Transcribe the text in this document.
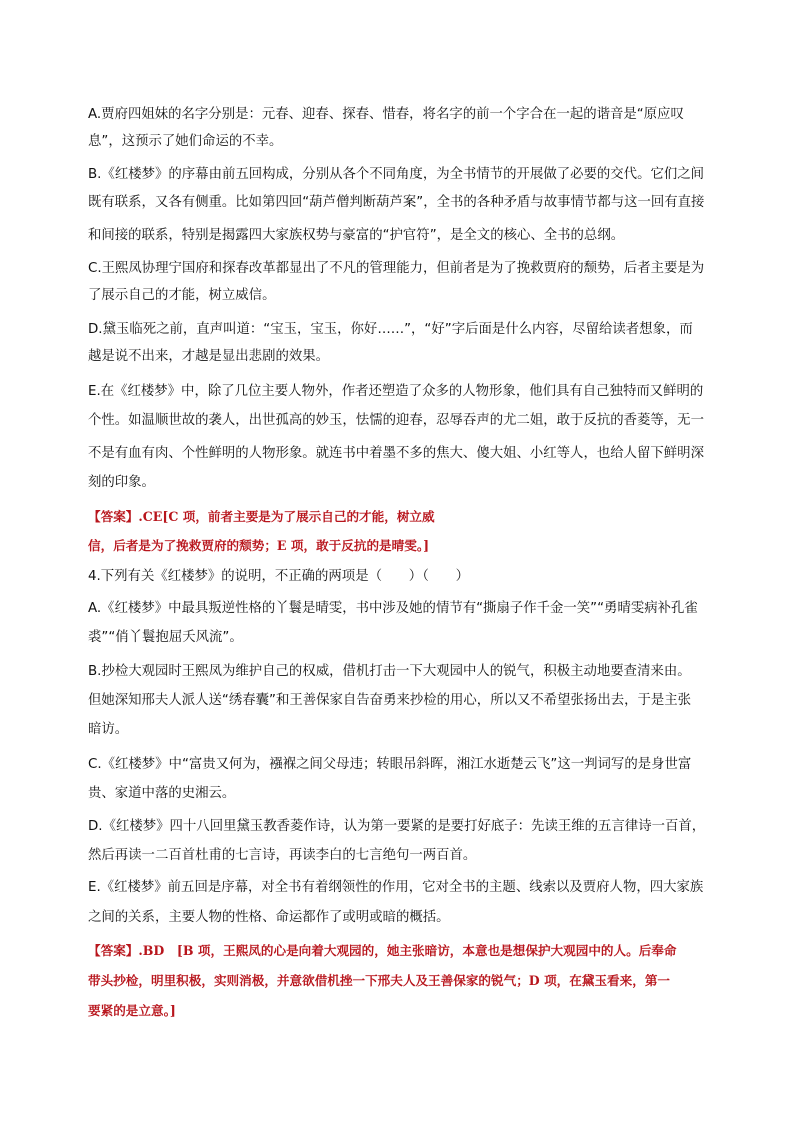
A.贾府四姐妹的名字分别是：元春、迎春、探春、惜春，将名字的前一个字合在一起的谐音是“原应叹
息”，这预示了她们命运的不幸。
B.《红楼梦》的序幕由前五回构成，分别从各个不同角度，为全书情节的开展做了必要的交代。它们之间
既有联系，又各有侧重。比如第四回“葫芦僧判断葫芦案”，全书的各种矛盾与故事情节都与这一回有直接
和间接的联系，特别是揭露四大家族权势与豪富的“护官符”，是全文的核心、全书的总纲。
C.王熙凤协理宁国府和探春改革都显出了不凡的管理能力，但前者是为了挽救贾府的颓势，后者主要是为
了展示自己的才能，树立威信。
D.黛玉临死之前，直声叫道：“宝玉，宝玉，你好……”，“好”字后面是什么内容，尽留给读者想象，而
越是说不出来，才越是显出悲剧的效果。
E.在《红楼梦》中，除了几位主要人物外，作者还塑造了众多的人物形象，他们具有自己独特而又鲜明的
个性。如温顺世故的袭人，出世孤高的妙玉，怯懦的迎春，忍辱吞声的尤二姐，敢于反抗的香菱等，无一
不是有血有肉、个性鲜明的人物形象。就连书中着墨不多的焦大、傻大姐、小红等人，也给人留下鲜明深
刻的印象。
【答案】.CE[C 项，前者主要是为了展示自己的才能，树立威
信，后者是为了挽救贾府的颓势；E 项，敢于反抗的是晴雯。]
4.下列有关《红楼梦》的说明，不正确的两项是（　　）（　　）
A.《红楼梦》中最具叛逆性格的丫鬟是晴雯，书中涉及她的情节有“撕扇子作千金一笑”“勇晴雯病补孔雀
裘”“俏丫鬟抱屈夭风流”。
B.抄检大观园时王熙凤为维护自己的权威，借机打击一下大观园中人的锐气，积极主动地要查清来由。
但她深知邢夫人派人送“绣春囊”和王善保家自告奋勇来抄检的用心，所以又不希望张扬出去，于是主张
暗访。
C.《红楼梦》中“富贵又何为，襁褓之间父母违；转眼吊斜晖，湘江水逝楚云飞”这一判词写的是身世富
贵、家道中落的史湘云。
D.《红楼梦》四十八回里黛玉教香菱作诗，认为第一要紧的是要打好底子：先读王维的五言律诗一百首，
然后再读一二百首杜甫的七言诗，再读李白的七言绝句一两百首。
E.《红楼梦》前五回是序幕，对全书有着纲领性的作用，它对全书的主题、线索以及贾府人物，四大家族
之间的关系，主要人物的性格、命运都作了或明或暗的概括。
【答案】.BD　[B 项，王熙凤的心是向着大观园的，她主张暗访，本意也是想保护大观园中的人。后奉命
带头抄检，明里积极，实则消极，并意欲借机挫一下邢夫人及王善保家的锐气；D 项，在黛玉看来，第一
要紧的是立意。]
